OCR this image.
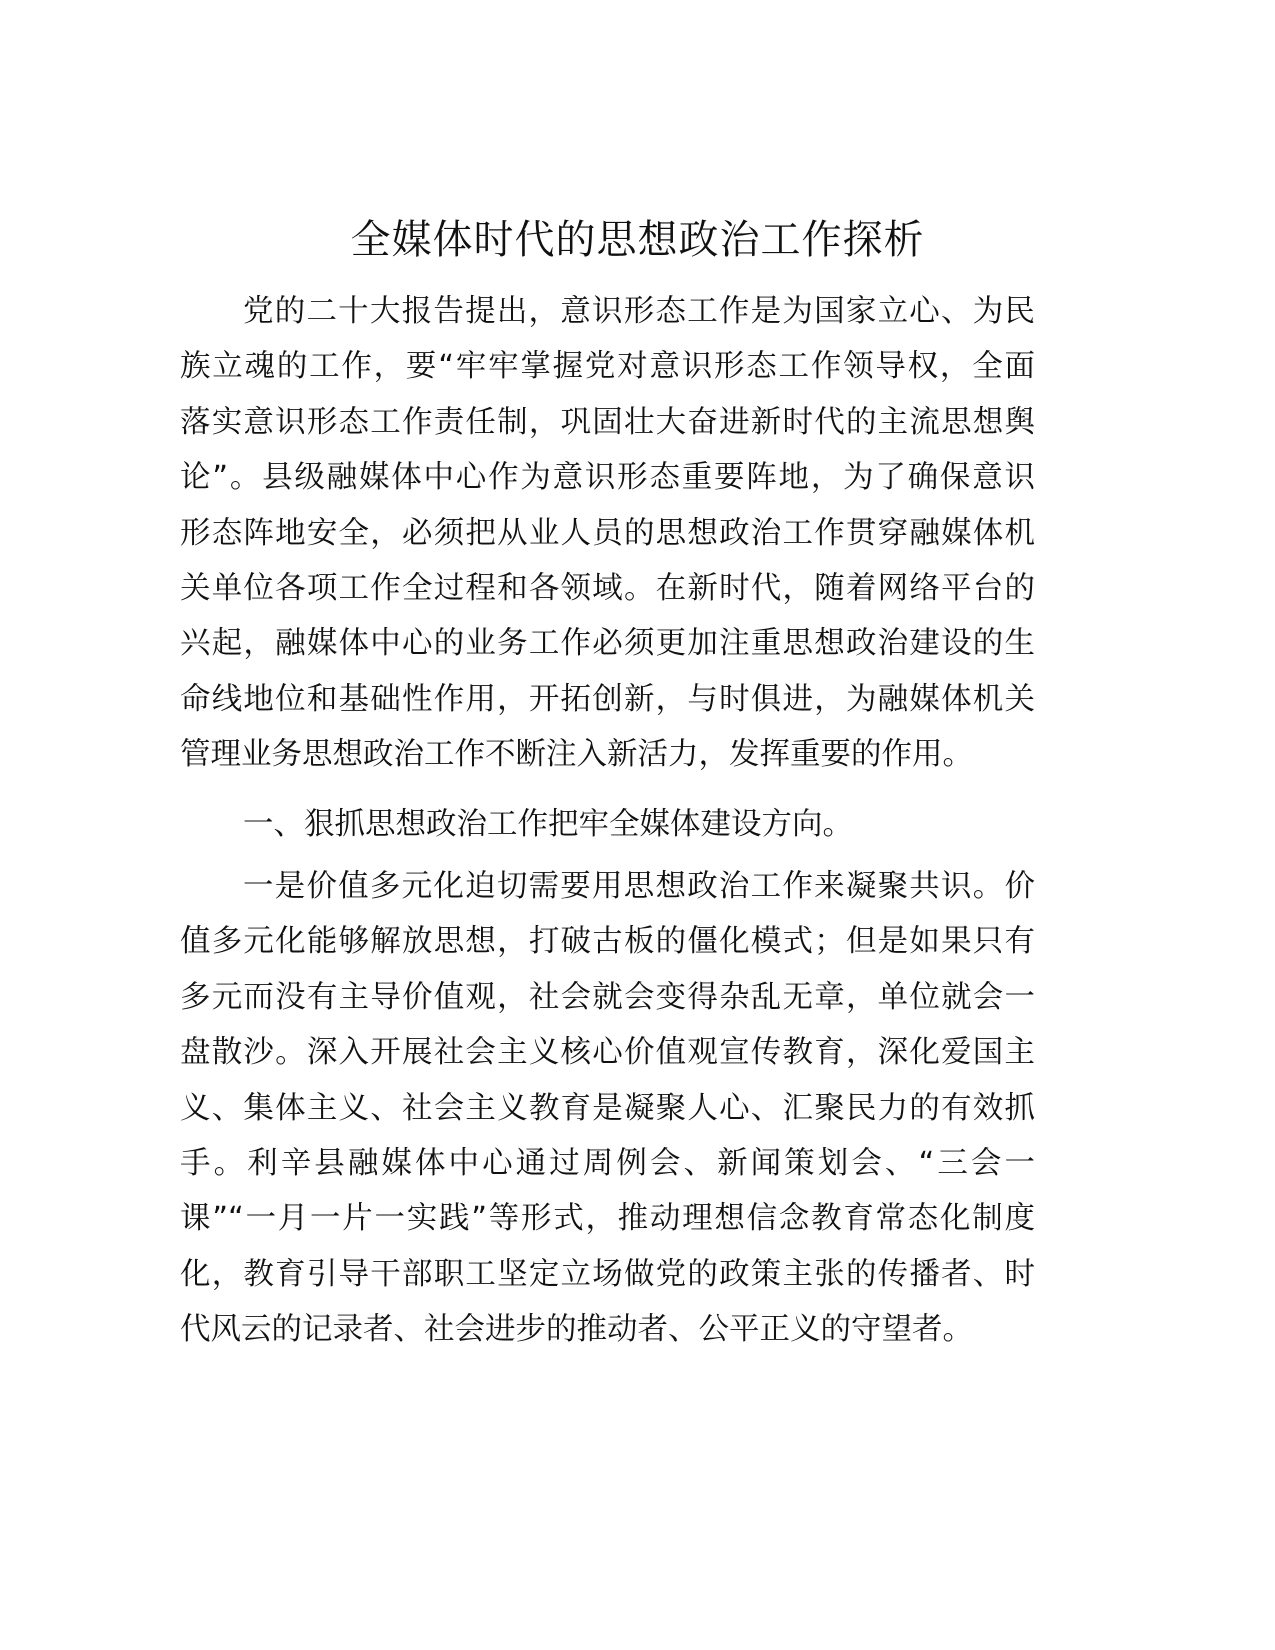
全媒体时代的思想政治工作探析
党的二十大报告提出，意识形态工作是为国家立心、为民
族立魂的工作，要“牢牢掌握党对意识形态工作领导权，全面
落实意识形态工作责任制，巩固壮大奋进新时代的主流思想舆
论”。县级融媒体中心作为意识形态重要阵地，为了确保意识
形态阵地安全，必须把从业人员的思想政治工作贯穿融媒体机
关单位各项工作全过程和各领域。在新时代，随着网络平台的
兴起，融媒体中心的业务工作必须更加注重思想政治建设的生
命线地位和基础性作用，开拓创新，与时俱进，为融媒体机关
管理业务思想政治工作不断注入新活力，发挥重要的作用。
一、狠抓思想政治工作把牢全媒体建设方向。
一是价值多元化迫切需要用思想政治工作来凝聚共识。价
值多元化能够解放思想，打破古板的僵化模式；但是如果只有
多元而没有主导价值观，社会就会变得杂乱无章，单位就会一
盘散沙。深入开展社会主义核心价值观宣传教育，深化爱国主
义、集体主义、社会主义教育是凝聚人心、汇聚民力的有效抓
手。利辛县融媒体中心通过周例会、新闻策划会、“三会一
课”“一月一片一实践”等形式，推动理想信念教育常态化制度
化，教育引导干部职工坚定立场做党的政策主张的传播者、时
代风云的记录者、社会进步的推动者、公平正义的守望者。
